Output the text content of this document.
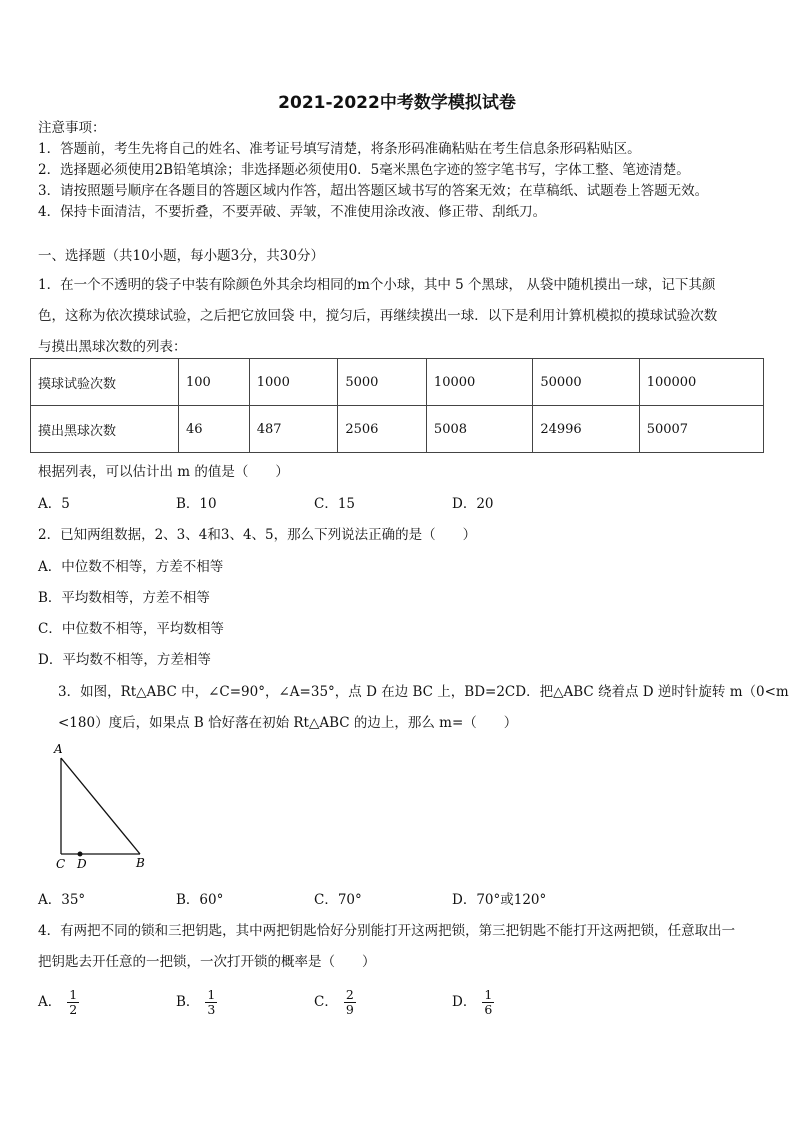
2021-2022中考数学模拟试卷
注意事项：
1．答题前，考生先将自己的姓名、准考证号填写清楚，将条形码准确粘贴在考生信息条形码粘贴区。
2．选择题必须使用2B铅笔填涂；非选择题必须使用0．5毫米黑色字迹的签字笔书写，字体工整、笔迹清楚。
3．请按照题号顺序在各题目的答题区域内作答，超出答题区域书写的答案无效；在草稿纸、试题卷上答题无效。
4．保持卡面清洁，不要折叠，不要弄破、弄皱，不准使用涂改液、修正带、刮纸刀。
一、选择题（共10小题，每小题3分，共30分）
1．在一个不透明的袋子中装有除颜色外其余均相同的m个小球，其中 5 个黑球， 从袋中随机摸出一球，记下其颜
色，这称为依次摸球试验，之后把它放回袋 中，搅匀后，再继续摸出一球．以下是利用计算机模拟的摸球试验次数
与摸出黑球次数的列表：
摸球试验次数	100	1000	5000	10000	50000	100000
摸出黑球次数	46	487	2506	5008	24996	50007
根据列表，可以估计出 m 的值是（　　）
A．5	B．10	C．15	D．20
2．已知两组数据，2、3、4和3、4、5，那么下列说法正确的是（　　）
A．中位数不相等，方差不相等
B．平均数相等，方差不相等
C．中位数不相等，平均数相等
D．平均数不相等，方差相等
3．如图，Rt△ABC 中，∠C=90°，∠A=35°，点 D 在边 BC 上，BD=2CD．把△ABC 绕着点 D 逆时针旋转 m（0<m
<180）度后，如果点 B 恰好落在初始 Rt△ABC 的边上，那么 m=（　　）
A
C D	B
A．35°	B．60°	C．70°	D．70°或120°
4．有两把不同的锁和三把钥匙，其中两把钥匙恰好分别能打开这两把锁，第三把钥匙不能打开这两把锁，任意取出一
把钥匙去开任意的一把锁，一次打开锁的概率是（　　）
A． $\frac{1}{2}$	B． $\frac{1}{3}$	C． $\frac{2}{9}$	D． $\frac{1}{6}$
